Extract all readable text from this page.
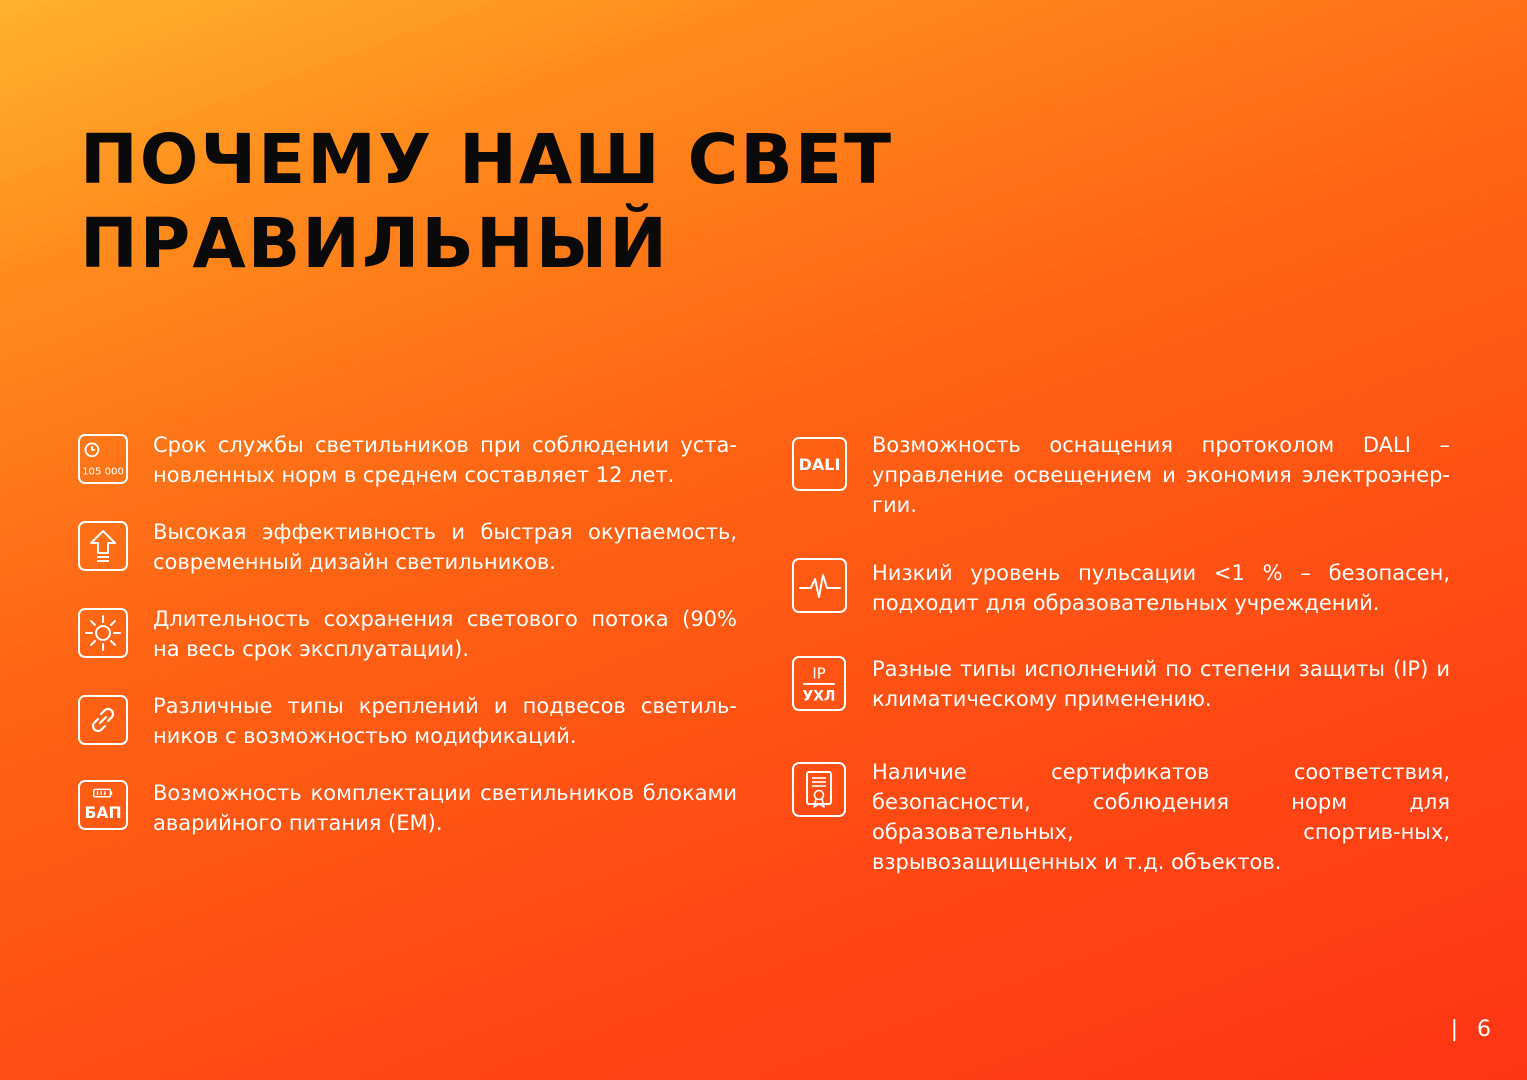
ПОЧЕМУ НАШ СВЕТ
ПРАВИЛЬНЫЙ
105 000
Срок службы светильников при соблюдении уста-новленных норм в среднем составляет 12 лет.
Высокая эффективность и быстрая окупаемость, современный дизайн светильников.
Длительность сохранения светового потока (90% на весь срок эксплуатации).
Различные типы креплений и подвесов светиль-ников с возможностью модификаций.
БАП
Возможность комплектации светильников блоками аварийного питания (EM).
DALI
Возможность оснащения протоколом DALI – управление освещением и экономия электроэнер-гии.
Низкий уровень пульсации <1 % – безопасен, подходит для образовательных учреждений.
IP
УХЛ
Разные типы исполнений по степени защиты (IP) и климатическому применению.
Наличие сертификатов соответствия, безопасности, соблюдения норм для образовательных, спортив-ных, взрывозащищенных и т.д. объектов.
| 6
